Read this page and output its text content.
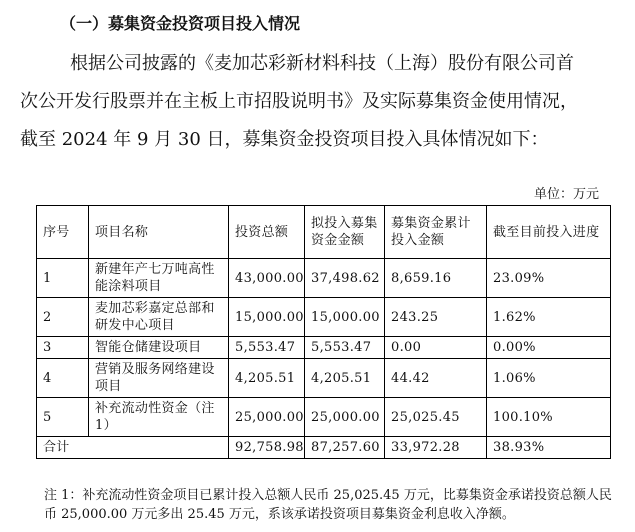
（一）募集资金投资项目投入情况
根据公司披露的《麦加芯彩新材料科技（上海）股份有限公司首
次公开发行股票并在主板上市招股说明书》及实际募集资金使用情况，
截至 2024 年 9 月 30 日，募集资金投资项目投入具体情况如下：
单位：万元
序号	项目名称	投资总额	拟投入募集资金金额	募集资金累计投入金额	截至目前投入进度
1	新建年产七万吨高性能涂料项目	43,000.00	37,498.62	8,659.16	23.09%
2	麦加芯彩嘉定总部和研发中心项目	15,000.00	15,000.00	243.25	1.62%
3	智能仓储建设项目	5,553.47	5,553.47	0.00	0.00%
4	营销及服务网络建设项目	4,205.51	4,205.51	44.42	1.06%
5	补充流动性资金（注1）	25,000.00	25,000.00	25,025.45	100.10%
合计		92,758.98	87,257.60	33,972.28	38.93%
注 1：补充流动性资金项目已累计投入总额人民币 25,025.45 万元，比募集资金承诺投资总额人民币 25,000.00 万元多出 25.45 万元，系该承诺投资项目募集资金利息收入净额。
